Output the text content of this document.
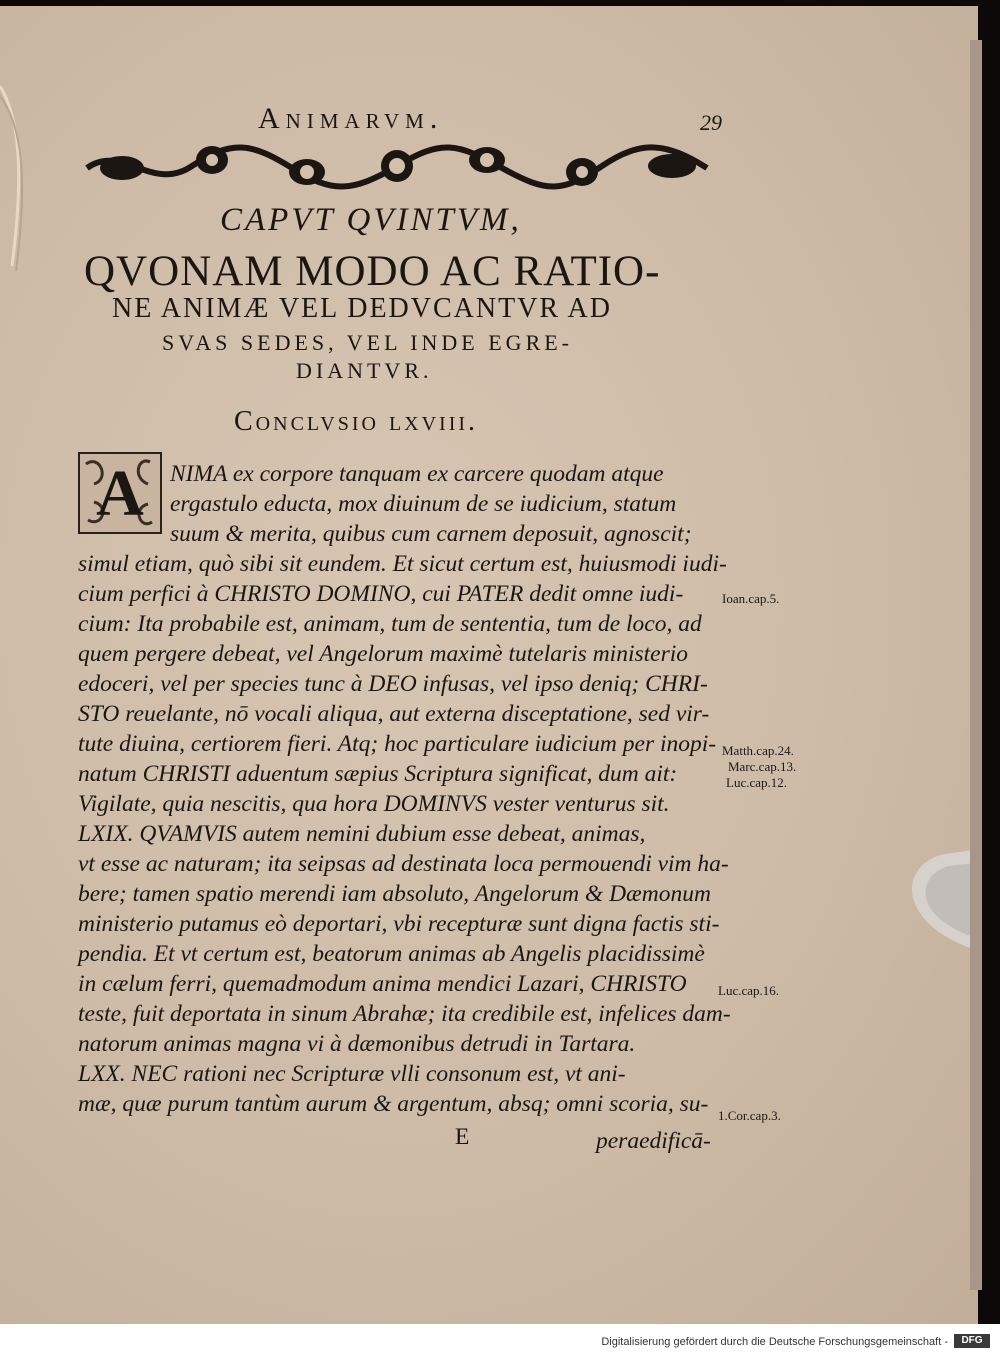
Animarvm.	29
CAPVT QVINTVM,
QVONAM MODO AC RATIO-
NE ANIMÆ VEL DEDVCANTVR AD
SVAS SEDES, VEL INDE EGRE-
DIANTVR.
Conclvsio lxviii.
A	NIMA ex corpore tanquam ex carcere quodam atque
ergastulo educta, mox diuinum de se iudicium, statum
suum & merita, quibus cum carnem deposuit, agnoscit;
simul etiam, quò sibi sit eundem. Et sicut certum est, huiusmodi iudi-
cium perfici à CHRISTO DOMINO, cui PATER dedit omne iudi-
cium: Ita probabile est, animam, tum de sententia, tum de loco, ad
quem pergere debeat, vel Angelorum maximè tutelaris ministerio
edoceri, vel per species tunc à DEO infusas, vel ipso deniq; CHRI-
STO reuelante, nō vocali aliqua, aut externa disceptatione, sed vir-
tute diuina, certiorem fieri. Atq; hoc particulare iudicium per inopi-
natum CHRISTI aduentum sæpius Scriptura significat, dum ait:
Vigilate, quia nescitis, qua hora DOMINVS vester venturus sit.
LXIX. QVAMVIS autem nemini dubium esse debeat, animas,
vt esse ac naturam; ita seipsas ad destinata loca permouendi vim ha-
bere; tamen spatio merendi iam absoluto, Angelorum & Dæmonum
ministerio putamus eò deportari, vbi recepturæ sunt digna factis sti-
pendia. Et vt certum est, beatorum animas ab Angelis placidissimè
in cælum ferri, quemadmodum anima mendici Lazari, CHRISTO
teste, fuit deportata in sinum Abrahæ; ita credibile est, infelices dam-
natorum animas magna vi à dæmonibus detrudi in Tartara.
LXX. NEC rationi nec Scripturæ vlli consonum est, vt ani-
mæ, quæ purum tantùm aurum & argentum, absq; omni scoria, su-
E	peraedificā-
Ioan.cap.5.
Matth.cap.24.
Marc.cap.13.
Luc.cap.12.
Luc.cap.16.
1.Cor.cap.3.
Digitalisierung gefördert durch die Deutsche Forschungsgemeinschaft -	DFG
